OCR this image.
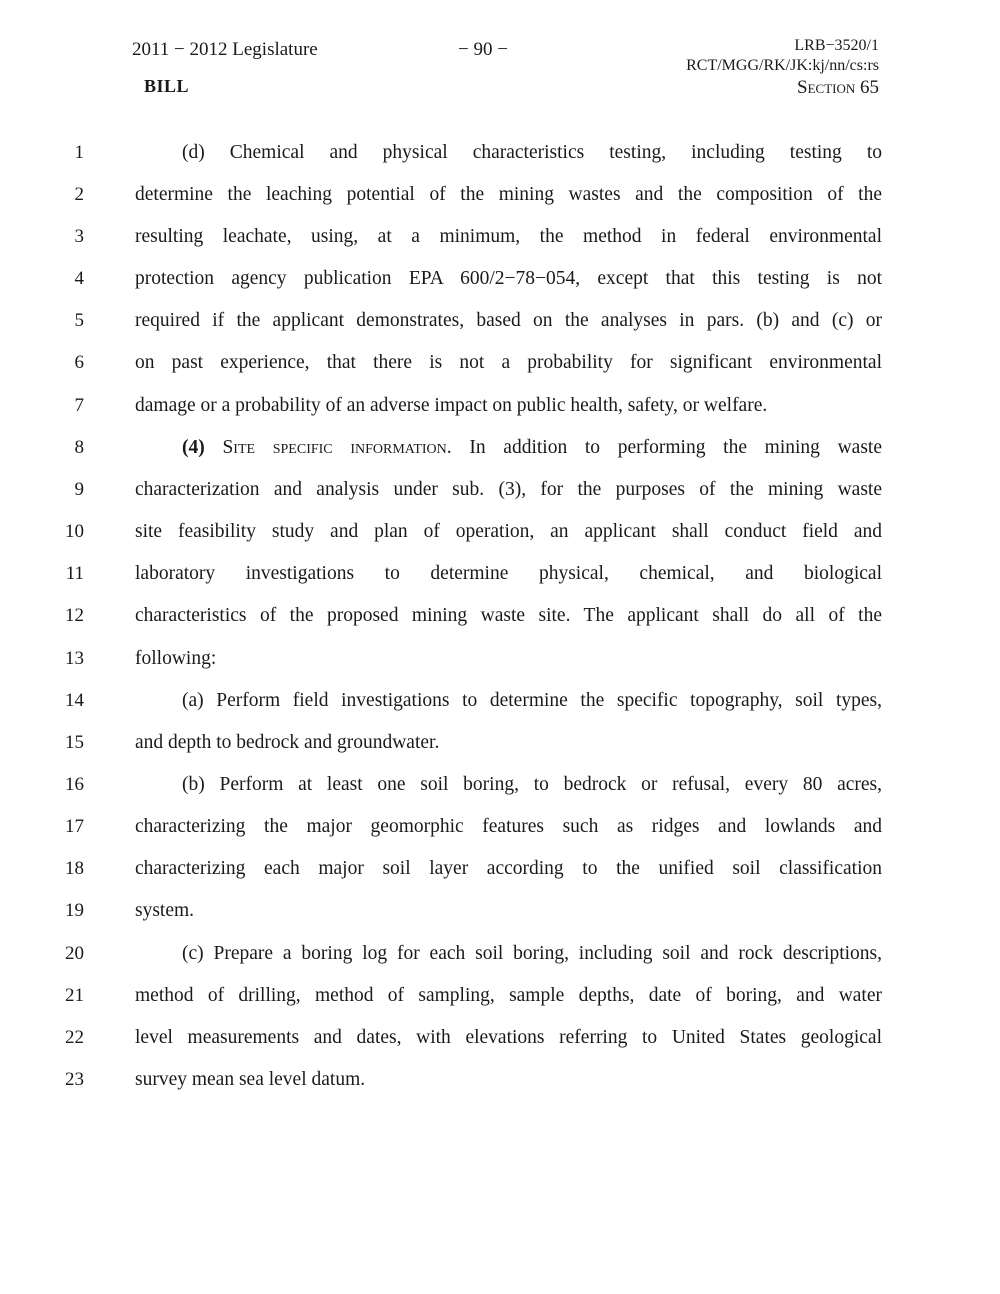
2011 − 2012 Legislature	− 90 −	LRB−3520/1
RCT/MGG/RK/JK:kj/nn/cs:rs
BILL	Section 65
1
2
3
4
5
6
7
8
9
10
11
12
13
14
15
16
17
18
19
20
21
22
23
(d) Chemical and physical characteristics testing, including testing to
determine the leaching potential of the mining wastes and the composition of the
resulting leachate, using, at a minimum, the method in federal environmental
protection agency publication EPA 600/2−78−054, except that this testing is not
required if the applicant demonstrates, based on the analyses in pars. (b) and (c) or
on past experience, that there is not a probability for significant environmental
damage or a probability of an adverse impact on public health, safety, or welfare.
(4) Site specific information. In addition to performing the mining waste
characterization and analysis under sub. (3), for the purposes of the mining waste
site feasibility study and plan of operation, an applicant shall conduct field and
laboratory investigations to determine physical, chemical, and biological
characteristics of the proposed mining waste site. The applicant shall do all of the
following:
(a) Perform field investigations to determine the specific topography, soil types,
and depth to bedrock and groundwater.
(b) Perform at least one soil boring, to bedrock or refusal, every 80 acres,
characterizing the major geomorphic features such as ridges and lowlands and
characterizing each major soil layer according to the unified soil classification
system.
(c) Prepare a boring log for each soil boring, including soil and rock descriptions,
method of drilling, method of sampling, sample depths, date of boring, and water
level measurements and dates, with elevations referring to United States geological
survey mean sea level datum.
